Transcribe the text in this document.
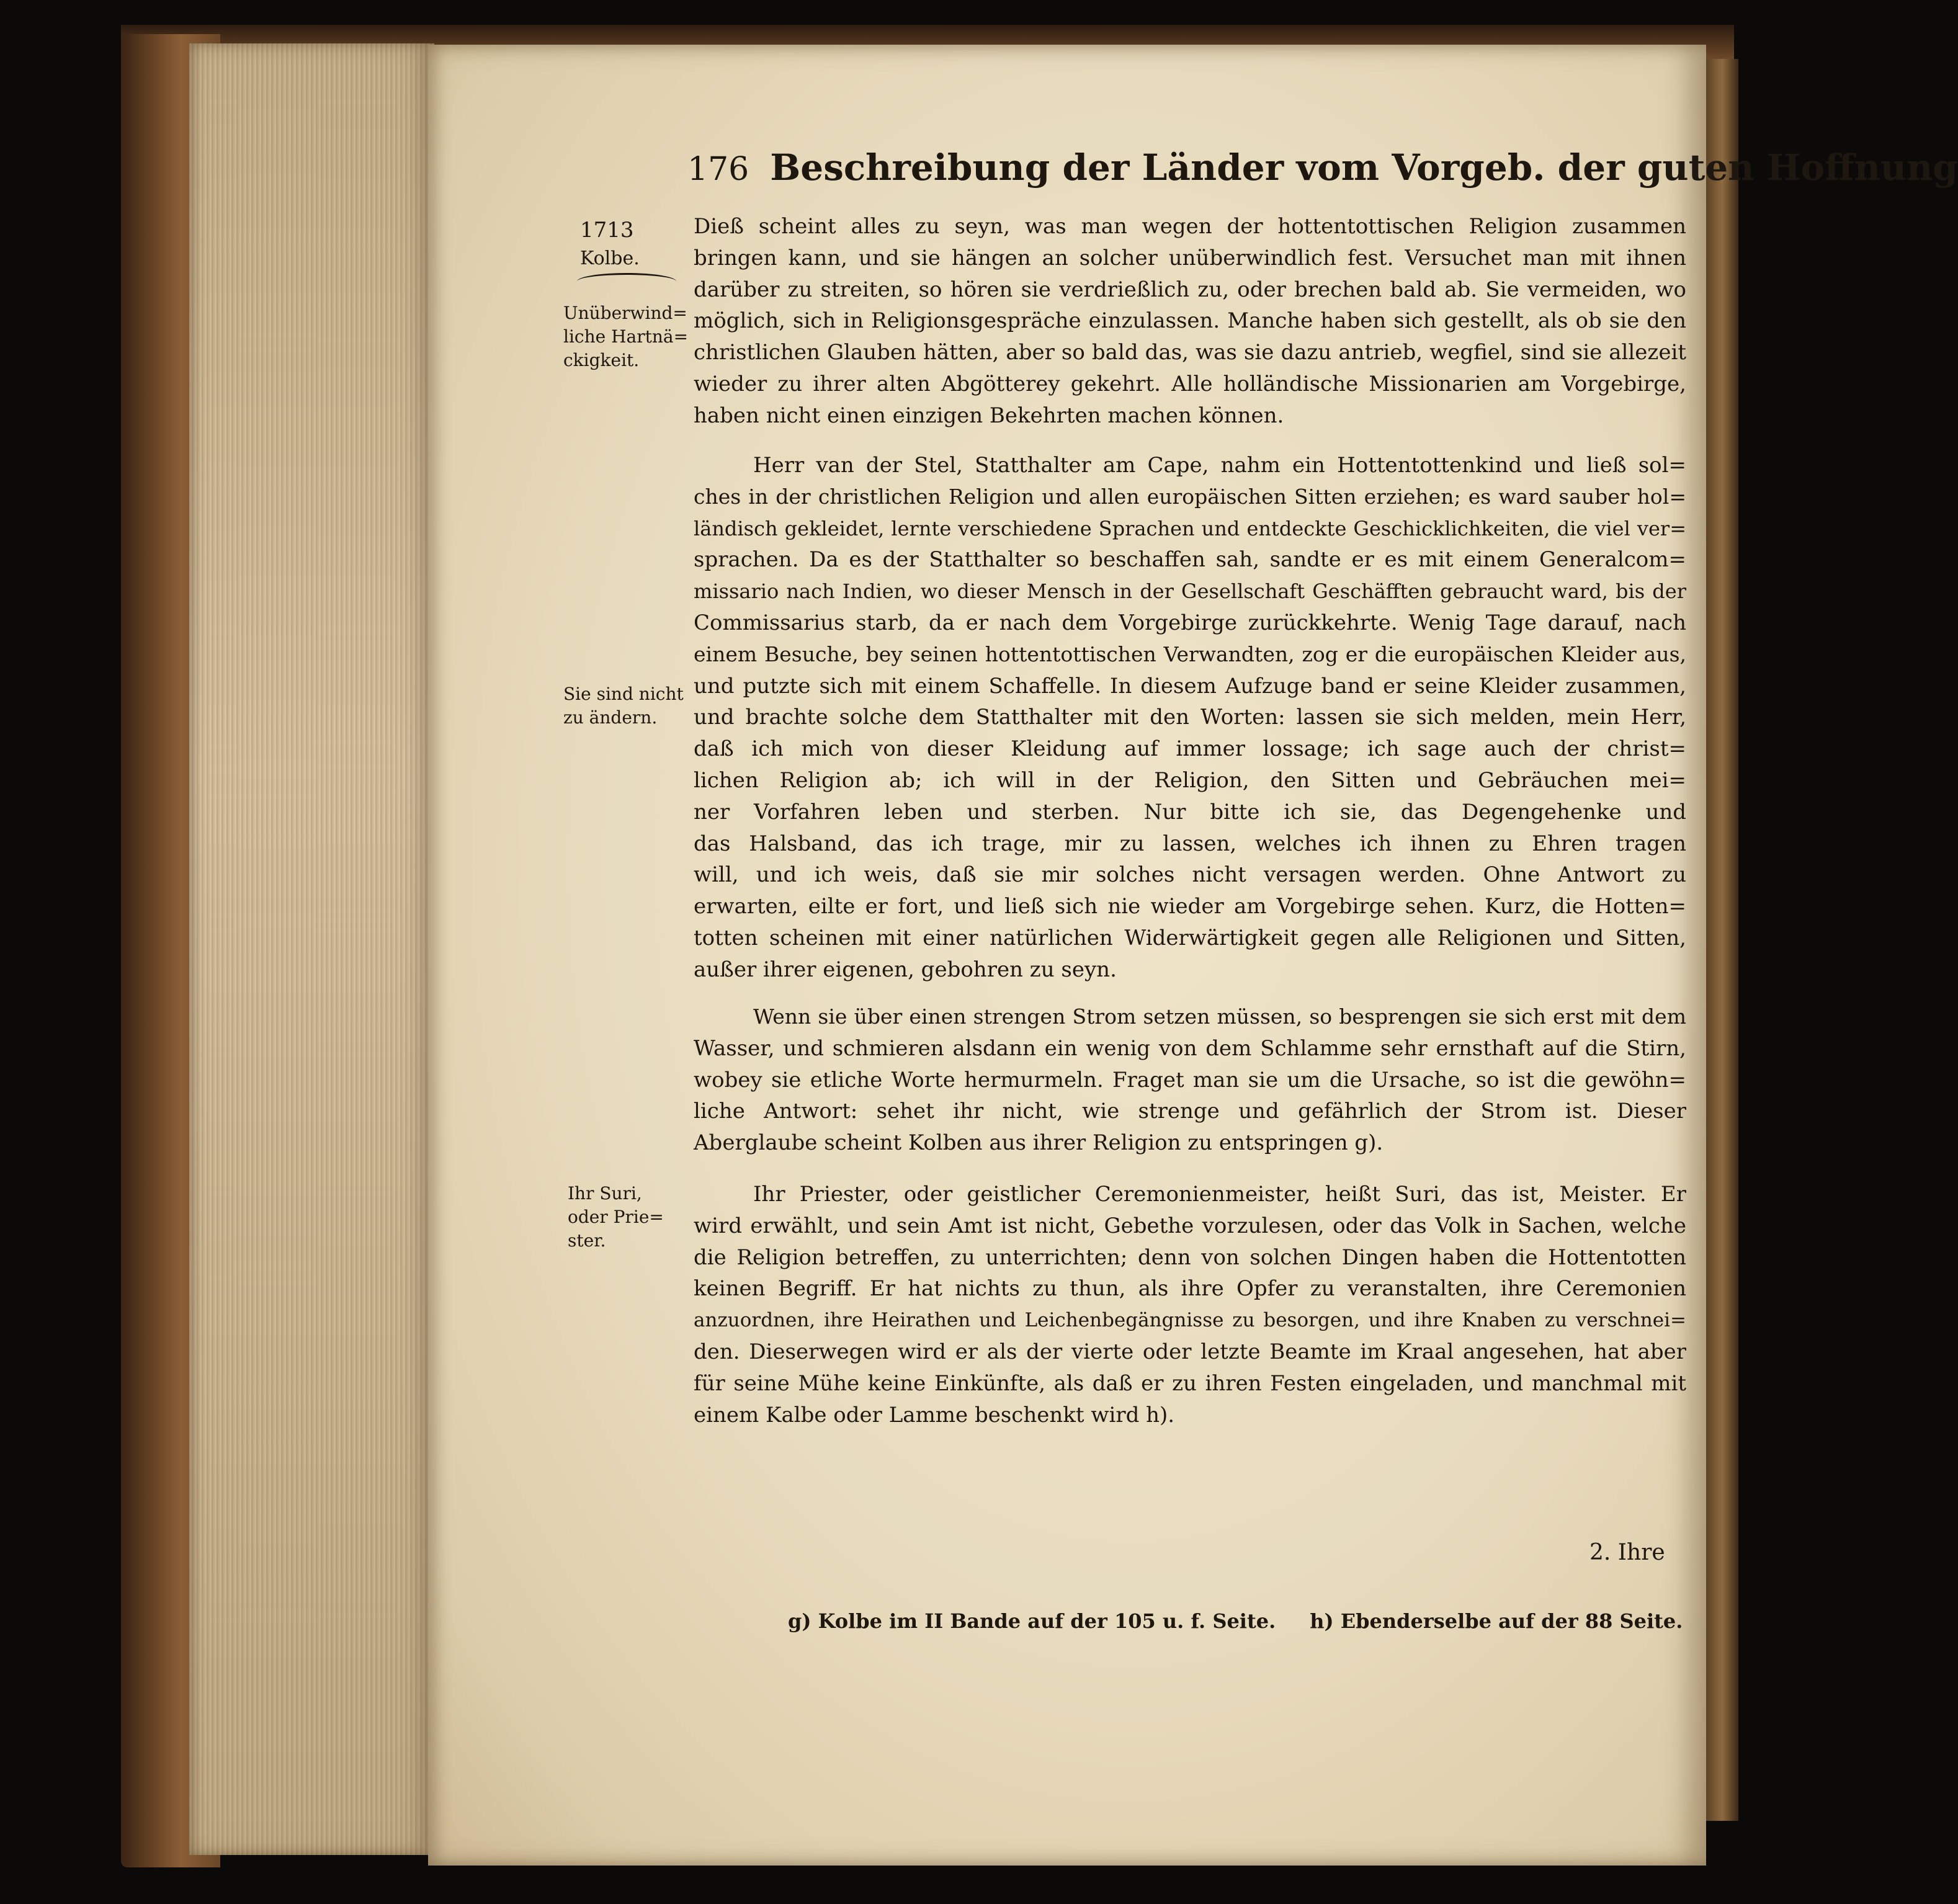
176 Beschreibung der Länder vom Vorgeb. der guten Hoffnung
1713
Kolbe.
Unüberwind=
liche Hartnä=
ckigkeit.
Sie sind nicht
zu ändern.
Ihr Suri,
oder Prie=
ster.
Dieß scheint alles zu seyn, was man wegen der hottentottischen Religion zusammen
bringen kann, und sie hängen an solcher unüberwindlich fest. Versuchet man mit ihnen
darüber zu streiten, so hören sie verdrießlich zu, oder brechen bald ab. Sie vermeiden, wo
möglich, sich in Religionsgespräche einzulassen. Manche haben sich gestellt, als ob sie den
christlichen Glauben hätten, aber so bald das, was sie dazu antrieb, wegfiel, sind sie allezeit
wieder zu ihrer alten Abgötterey gekehrt. Alle holländische Missionarien am Vorgebirge,
haben nicht einen einzigen Bekehrten machen können.
Herr van der Stel, Statthalter am Cape, nahm ein Hottentottenkind und ließ sol=
ches in der christlichen Religion und allen europäischen Sitten erziehen; es ward sauber hol=
ländisch gekleidet, lernte verschiedene Sprachen und entdeckte Geschicklichkeiten, die viel ver=
sprachen. Da es der Statthalter so beschaffen sah, sandte er es mit einem Generalcom=
missario nach Indien, wo dieser Mensch in der Gesellschaft Geschäfften gebraucht ward, bis der
Commissarius starb, da er nach dem Vorgebirge zurückkehrte. Wenig Tage darauf, nach
einem Besuche, bey seinen hottentottischen Verwandten, zog er die europäischen Kleider aus,
und putzte sich mit einem Schaffelle. In diesem Aufzuge band er seine Kleider zusammen,
und brachte solche dem Statthalter mit den Worten: lassen sie sich melden, mein Herr,
daß ich mich von dieser Kleidung auf immer lossage; ich sage auch der christ=
lichen Religion ab; ich will in der Religion, den Sitten und Gebräuchen mei=
ner Vorfahren leben und sterben. Nur bitte ich sie, das Degengehenke und
das Halsband, das ich trage, mir zu lassen, welches ich ihnen zu Ehren tragen
will, und ich weis, daß sie mir solches nicht versagen werden. Ohne Antwort zu
erwarten, eilte er fort, und ließ sich nie wieder am Vorgebirge sehen. Kurz, die Hotten=
totten scheinen mit einer natürlichen Widerwärtigkeit gegen alle Religionen und Sitten,
außer ihrer eigenen, gebohren zu seyn.
Wenn sie über einen strengen Strom setzen müssen, so besprengen sie sich erst mit dem
Wasser, und schmieren alsdann ein wenig von dem Schlamme sehr ernsthaft auf die Stirn,
wobey sie etliche Worte hermurmeln. Fraget man sie um die Ursache, so ist die gewöhn=
liche Antwort: sehet ihr nicht, wie strenge und gefährlich der Strom ist. Dieser
Aberglaube scheint Kolben aus ihrer Religion zu entspringen g).
Ihr Priester, oder geistlicher Ceremonienmeister, heißt Suri, das ist, Meister. Er
wird erwählt, und sein Amt ist nicht, Gebethe vorzulesen, oder das Volk in Sachen, welche
die Religion betreffen, zu unterrichten; denn von solchen Dingen haben die Hottentotten
keinen Begriff. Er hat nichts zu thun, als ihre Opfer zu veranstalten, ihre Ceremonien
anzuordnen, ihre Heirathen und Leichenbegängnisse zu besorgen, und ihre Knaben zu verschnei=
den. Dieserwegen wird er als der vierte oder letzte Beamte im Kraal angesehen, hat aber
für seine Mühe keine Einkünfte, als daß er zu ihren Festen eingeladen, und manchmal mit
einem Kalbe oder Lamme beschenkt wird h).
2. Ihre
g) Kolbe im II Bande auf der 105 u. f. Seite. h) Ebenderselbe auf der 88 Seite.
